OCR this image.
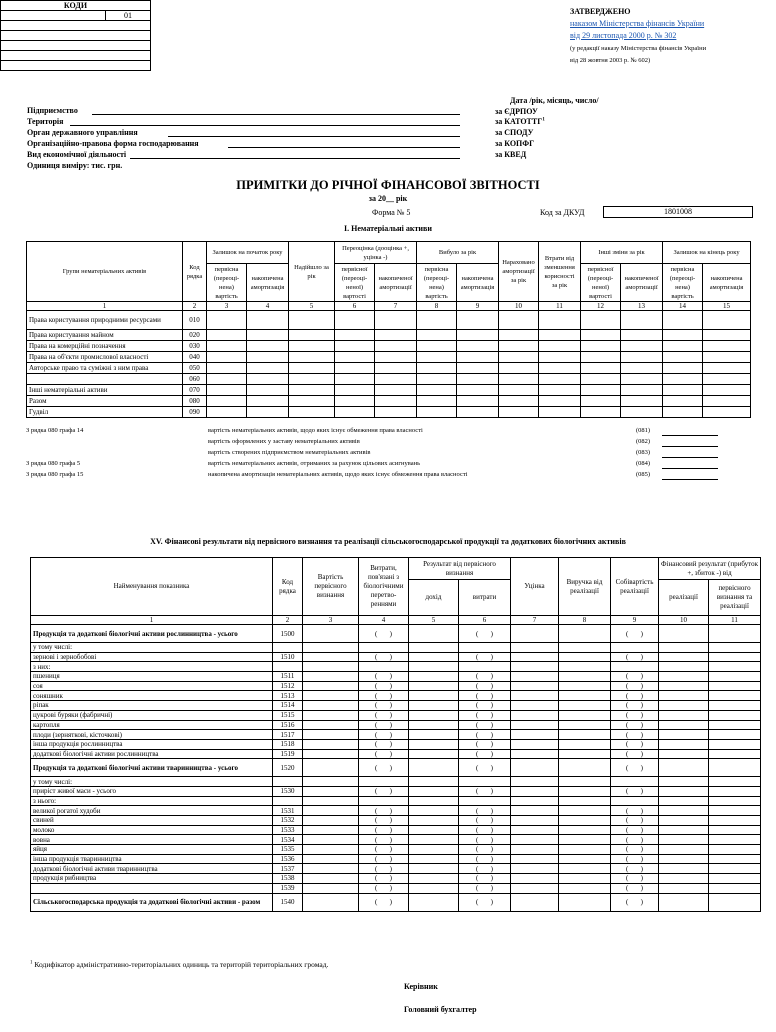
ЗАТВЕРДЖЕНО
наказом Міністерства фінансів України
від 29 листопада 2000 р. № 302
(у редакції наказу Міністерства фінансів України
від 28 жовтня 2003 р. № 602)
Дата /рік, місяць, число/
КОДИ
	01

Підприємство
Територія
Орган державного управління
Організаційно-правова форма господарювання
Вид економічної діяльності
Одиниця виміру: тис. грн.
за ЄДРПОУ
за КАТОТТГ$^1$
за СПОДУ
за КОПФГ
за КВЕД
ПРИМІТКИ ДО РІЧНОЇ ФІНАНСОВОЇ ЗВІТНОСТІ
за 20__ рік
Форма № 5	Код за ДКУД	1801008
I. Нематеріальні активи
Групи нематеріальних активів	Код рядка	Залишок на початок року		Надійшло за рік	Переоцінка (дооцінка +, уцінка -)		Вибуло за рік		Нараховано амортизації за рік	Втрати від зменшення корисності за рік	Інші зміни за рік		Залишок на кінець року	
		первісна (переоці-нена) вартість	накопичена амортизація		первісної (переоці-неної) вартості	накопиченої амортизації	первісна (переоці-нена) вартість	накопичена амортизація			первісної (переоці-неної) вартості	накопиченої амортизації	первісна (переоці-нена) вартість	накопичена амортизація
1	2	3	4	5	6	7	8	9	10	11	12	13	14	15
Права користування природними ресурсами	010													
Права користування майном	020													
Права на комерційні позначення	030													
Права на об'єкти промислової власності	040													
Авторське право та суміжні з ним права	050													
	060													
Інші нематеріальні активи	070													
Разом	080													
Гудвіл	090													
З рядка 080 графа 14	вартість нематеріальних активів, щодо яких існує обмеження права власності	(081)
вартість оформлених у заставу нематеріальних активів	(082)
вартість створених підприємством нематеріальних активів	(083)
З рядка 080 графа 5	вартість нематеріальних активів, отриманих за рахунок цільових асигнувань	(084)
З рядка 080 графа 15	накопичена амортизація нематеріальних активів, щодо яких існує обмеження права власності	(085)
XV. Фінансові результати від первісного визнання та реалізації сільськогосподарської продукції та додаткових біологічних активів
Найменування показника	Код рядка	Вартість первісного визнання	Витрати, пов'язані з біологічними перетво-реннями	Результат від первісного визнання		Уцінка	Виручка від реалізації	Собівартість реалізації	Фінансовий результат (прибуток +, збиток -) від	
				дохід	витрати				реалізації	первісного визнання та реалізації
1	2	3	4	5	6	7	8	9	10	11
Продукція та додаткові біологічні активи рослинництва - усього	1500		(       )		(       )			(       )		
у тому числі:										
зернові і зернобобові	1510		(       )		(       )			(       )		
з них:										
пшениця	1511		(       )		(       )			(       )		
соя	1512		(       )		(       )			(       )		
соняшник	1513		(       )		(       )			(       )		
ріпак	1514		(       )		(       )			(       )		
цукрові буряки (фабричні)	1515		(       )		(       )			(       )		
картопля	1516		(       )		(       )			(       )		
плоди (зерняткові, кісточкові)	1517		(       )		(       )			(       )		
інша продукція рослинництва	1518		(       )		(       )			(       )		
додаткові біологічні активи рослинництва	1519		(       )		(       )			(       )		
Продукція та додаткові біологічні активи тваринництва - усього	1520		(       )		(       )			(       )		
у тому числі:										
приріст живої маси - усього	1530		(       )		(       )			(       )		
з нього:										
великої рогатої худоби	1531		(       )		(       )			(       )		
свиней	1532		(       )		(       )			(       )		
молоко	1533		(       )		(       )			(       )		
вовна	1534		(       )		(       )			(       )		
яйця	1535		(       )		(       )			(       )		
інша продукція тваринництва	1536		(       )		(       )			(       )		
додаткові біологічні активи тваринництва	1537		(       )		(       )			(       )		
продукція рибництва	1538		(       )		(       )			(       )		
	1539		(       )		(       )			(       )		
Сільськогосподарська продукція та додаткові біологічні активи - разом	1540		(       )		(       )			(       )		
$^1$ Кодифікатор адміністративно-територіальних одиниць та територій територіальних громад.
Керівник
Головний бухгалтер
